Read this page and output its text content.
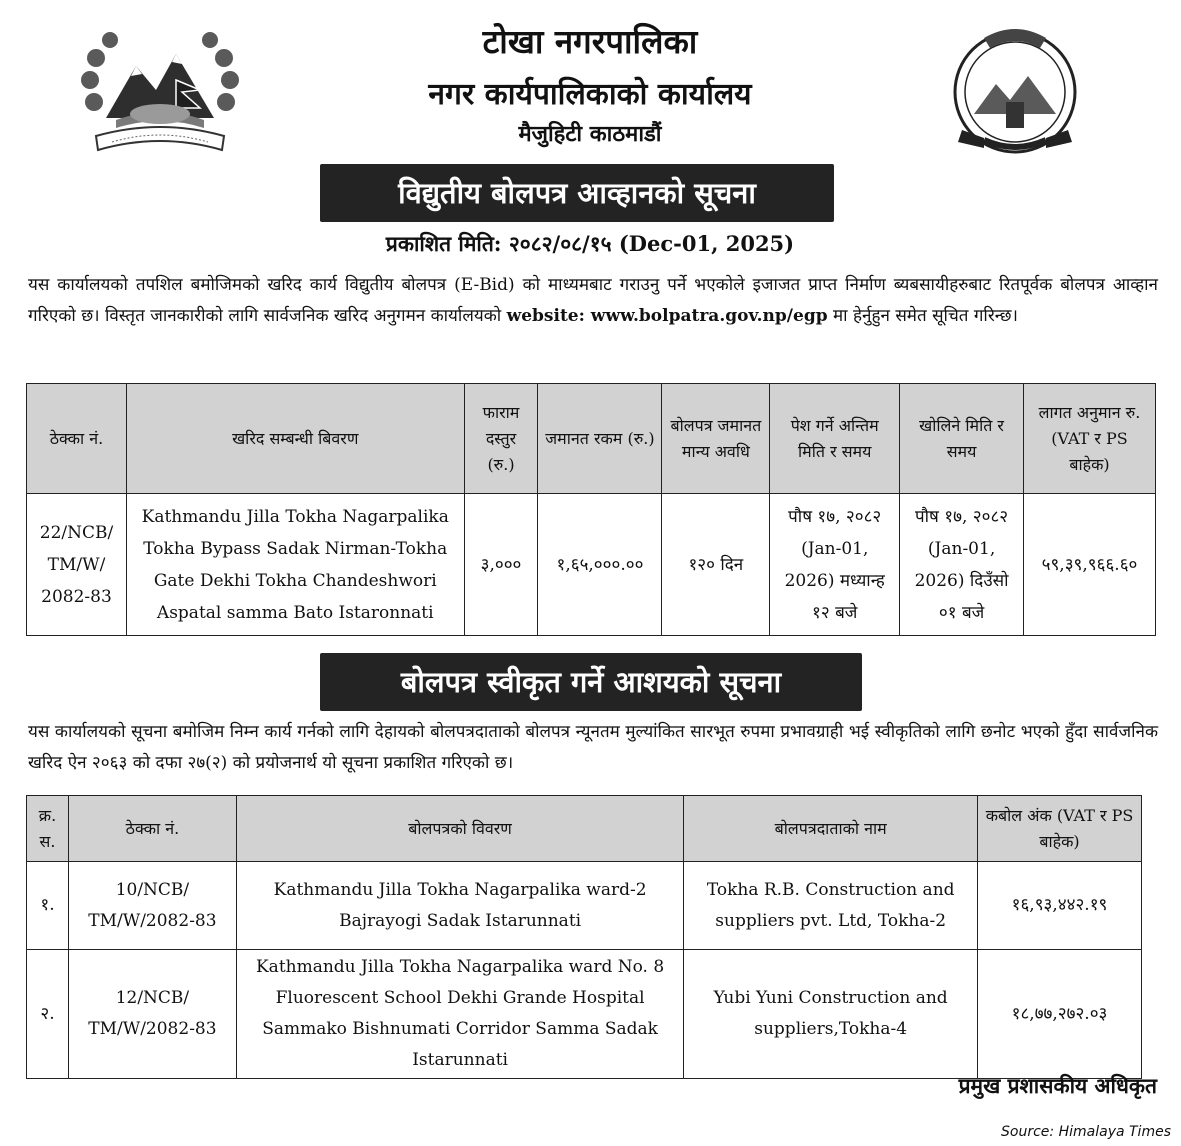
टोखा नगरपालिका
नगर कार्यपालिकाको कार्यालय
मैजुहिटी काठमाडौं
विद्युतीय बोलपत्र आव्हानको सूचना
प्रकाशित मिति: २०८२/०८/१५ (Dec-01, 2025)
यस कार्यालयको तपशिल बमोजिमको खरिद कार्य विद्युतीय बोलपत्र (E-Bid) को माध्यमबाट गराउनु पर्ने भएकोले इजाजत प्राप्त निर्माण ब्यबसायीहरुबाट रितपूर्वक बोलपत्र आव्हान गरिएको छ। विस्तृत जानकारीको लागि सार्वजनिक खरिद अनुगमन कार्यालयको website: www.bolpatra.gov.np/egp मा हेर्नुहुन समेत सूचित गरिन्छ।
ठेक्का नं.	खरिद सम्बन्धी बिवरण	फाराम दस्तुर (रु.)	जमानत रकम (रु.)	बोलपत्र जमानत मान्य अवधि	पेश गर्ने अन्तिम मिति र समय	खोलिने मिति र समय	लागत अनुमान रु. (VAT र PS बाहेक)
22/NCB/ TM/W/ 2082-83	Kathmandu Jilla Tokha Nagarpalika Tokha Bypass Sadak Nirman-Tokha Gate Dekhi Tokha Chandeshwori Aspatal samma Bato Istaronnati	३,०००	१,६५,०००.००	१२० दिन	पौष १७, २०८२ (Jan-01, 2026) मध्यान्ह १२ बजे	पौष १७, २०८२ (Jan-01, 2026) दिउँसो ०१ बजे	५९,३९,९६६.६०
बोलपत्र स्वीकृत गर्ने आशयको सूचना
यस कार्यालयको सूचना बमोजिम निम्न कार्य गर्नको लागि देहायको बोलपत्रदाताको बोलपत्र न्यूनतम मुल्यांकित सारभूत रुपमा प्रभावग्राही भई स्वीकृतिको लागि छनोट भएको हुँदा सार्वजनिक खरिद ऐन २०६३ को दफा २७(२) को प्रयोजनार्थ यो सूचना प्रकाशित गरिएको छ।
क्र. स.	ठेक्का नं.	बोलपत्रको विवरण	बोलपत्रदाताको नाम	कबोल अंक (VAT र PS बाहेक)
१.	10/NCB/ TM/W/2082-83	Kathmandu Jilla Tokha Nagarpalika ward-2 Bajrayogi Sadak Istarunnati	Tokha R.B. Construction and suppliers pvt. Ltd, Tokha-2	१६,९३,४४२.१९
२.	12/NCB/ TM/W/2082-83	Kathmandu Jilla Tokha Nagarpalika ward No. 8 Fluorescent School Dekhi Grande Hospital Sammako Bishnumati Corridor Samma Sadak Istarunnati	Yubi Yuni Construction and suppliers,Tokha-4	१८,७७,२७२.०३
प्रमुख प्रशासकीय अधिकृत
Source: Himalaya Times
